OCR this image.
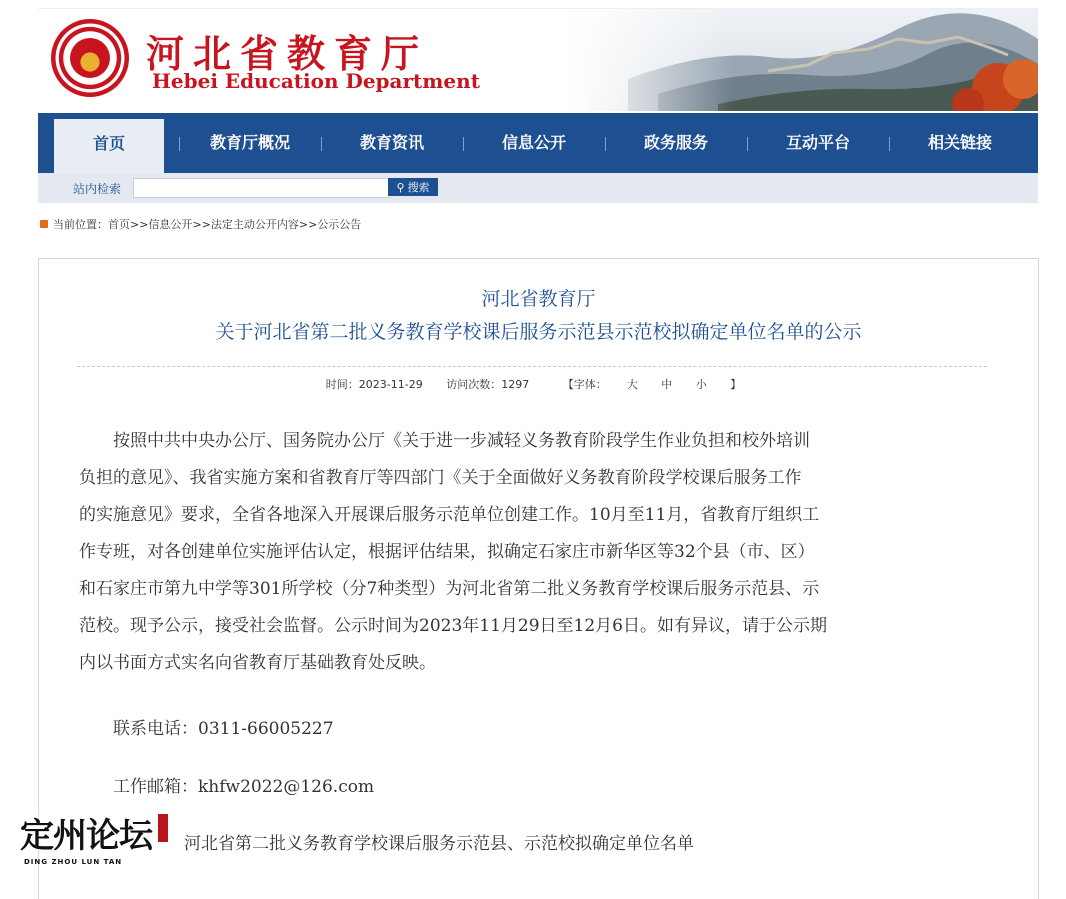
河北省教育厅
Hebei Education Department
首页	教育厅概况	教育资讯	信息公开	政务服务	互动平台	相关链接
站内检索	⚲ 搜索
当前位置：首页>>信息公开>>法定主动公开内容>>公示公告
河北省教育厅
关于河北省第二批义务教育学校课后服务示范县示范校拟确定单位名单的公示
时间：2023-11-29 访问次数：1297	【字体： 大 中 小 】
　　按照中共中央办公厅、国务院办公厅《关于进一步减轻义务教育阶段学生作业负担和校外培训
负担的意见》、我省实施方案和省教育厅等四部门《关于全面做好义务教育阶段学校课后服务工作
的实施意见》要求，全省各地深入开展课后服务示范单位创建工作。10月至11月，省教育厅组织工
作专班，对各创建单位实施评估认定，根据评估结果，拟确定石家庄市新华区等32个县（市、区）
和石家庄市第九中学等301所学校（分7种类型）为河北省第二批义务教育学校课后服务示范县、示
范校。现予公示，接受社会监督。公示时间为2023年11月29日至12月6日。如有异议，请于公示期
内以书面方式实名向省教育厅基础教育处反映。
　　联系电话：0311-66005227
　　工作邮箱：khfw2022@126.com
河北省第二批义务教育学校课后服务示范县、示范校拟确定单位名单
定州论坛
DING ZHOU LUN TAN
